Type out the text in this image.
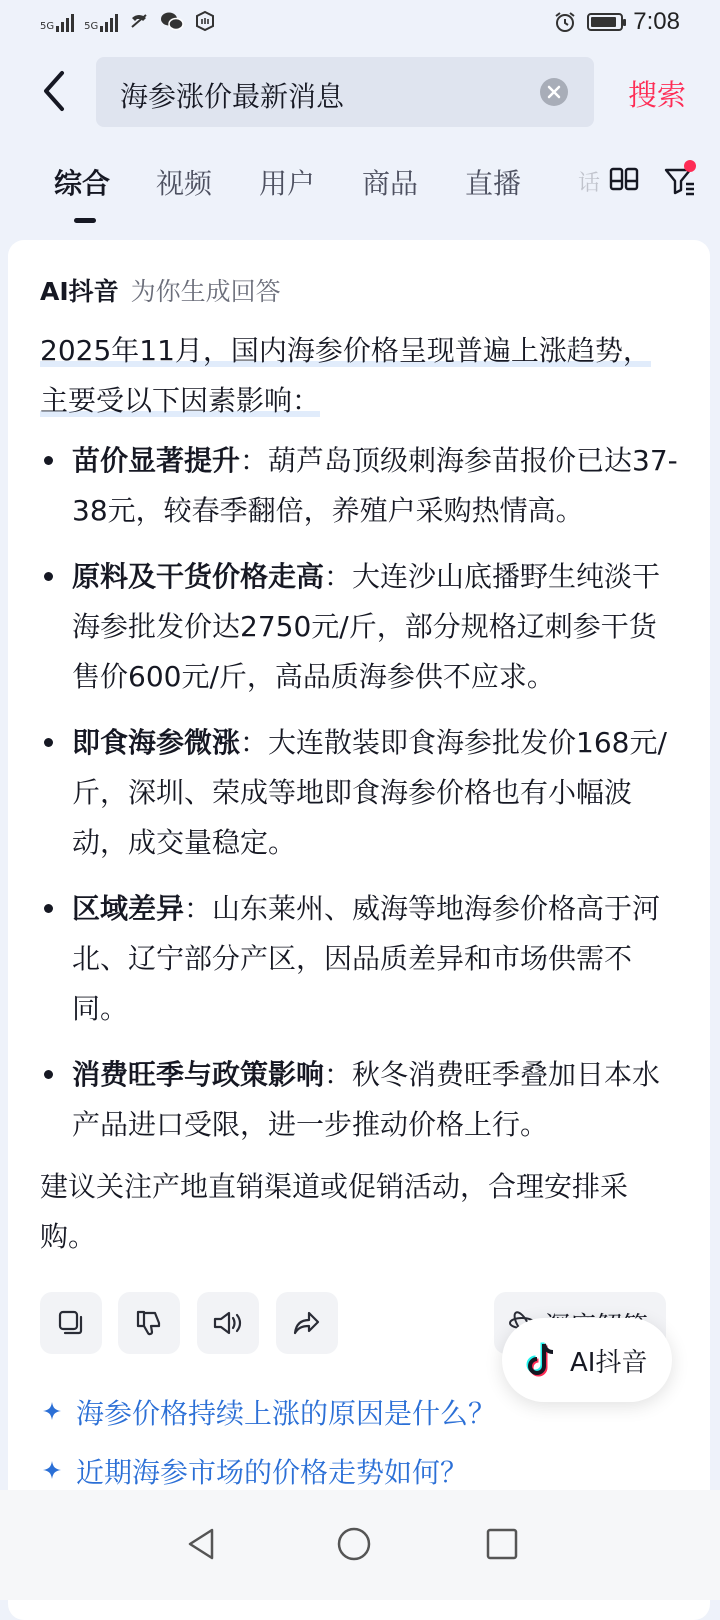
5G	5G	7:08
海参涨价最新消息	搜索
综合 视频 用户 商品 直播	话
AI抖音 为你生成回答
2025年11月，国内海参价格呈现普遍上涨趋势，主要受以下因素影响：
苗价显著提升：葫芦岛顶级刺海参苗报价已达37-38元，较春季翻倍，养殖户采购热情高。
原料及干货价格走高：大连沙山底播野生纯淡干海参批发价达2750元/斤，部分规格辽刺参干货售价600元/斤，高品质海参供不应求。
即食海参微涨：大连散装即食海参批发价168元/斤，深圳、荣成等地即食海参价格也有小幅波动，成交量稳定。
区域差异：山东莱州、威海等地海参价格高于河北、辽宁部分产区，因品质差异和市场供需不同。
消费旺季与政策影响：秋冬消费旺季叠加日本水产品进口受限，进一步推动价格上行。
建议关注产地直销渠道或促销活动，合理安排采购。
AI抖音
海参价格持续上涨的原因是什么？
近期海参市场的价格走势如何？
